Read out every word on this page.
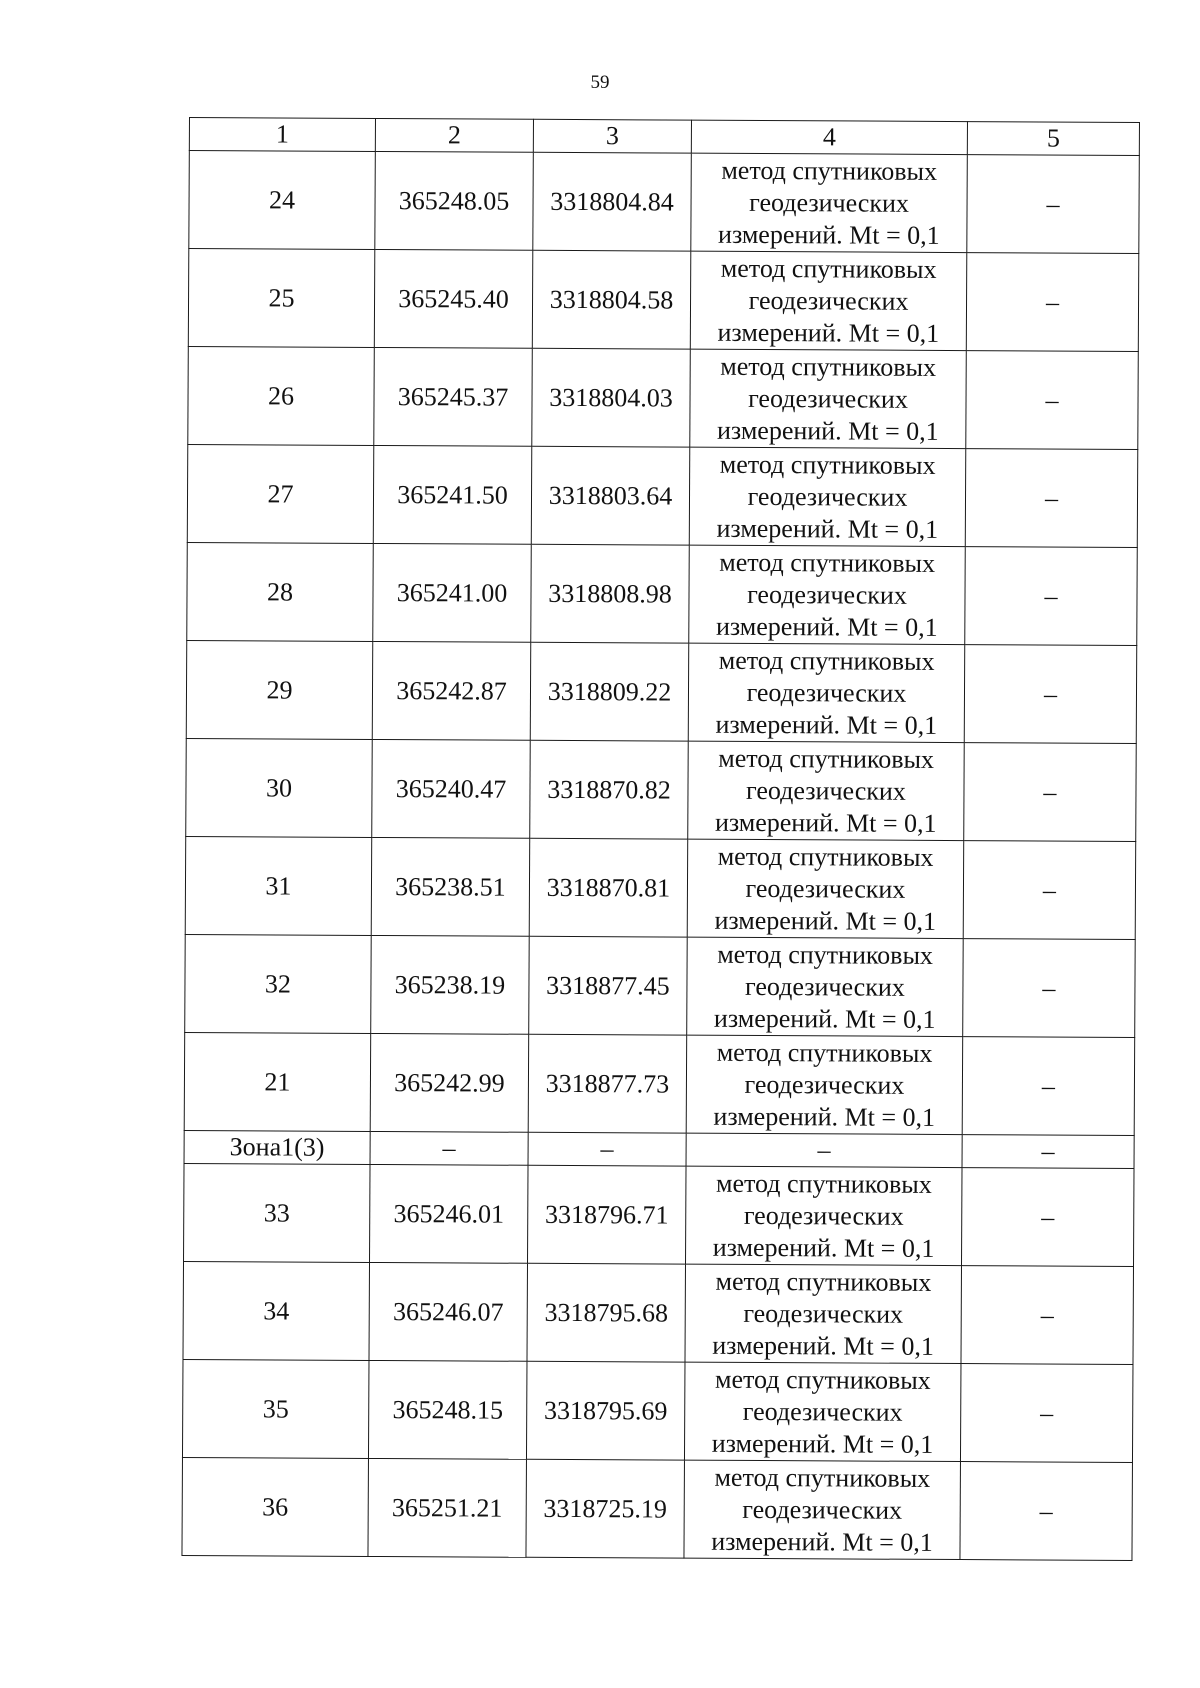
59
1	2	3	4	5
24	365248.05	3318804.84	метод спутниковых
геодезических
измерений. Mt = 0,1	–
25	365245.40	3318804.58	метод спутниковых
геодезических
измерений. Mt = 0,1	–
26	365245.37	3318804.03	метод спутниковых
геодезических
измерений. Mt = 0,1	–
27	365241.50	3318803.64	метод спутниковых
геодезических
измерений. Mt = 0,1	–
28	365241.00	3318808.98	метод спутниковых
геодезических
измерений. Mt = 0,1	–
29	365242.87	3318809.22	метод спутниковых
геодезических
измерений. Mt = 0,1	–
30	365240.47	3318870.82	метод спутниковых
геодезических
измерений. Mt = 0,1	–
31	365238.51	3318870.81	метод спутниковых
геодезических
измерений. Mt = 0,1	–
32	365238.19	3318877.45	метод спутниковых
геодезических
измерений. Mt = 0,1	–
21	365242.99	3318877.73	метод спутниковых
геодезических
измерений. Mt = 0,1	–
Зона1(3)	–	–	–	–
33	365246.01	3318796.71	метод спутниковых
геодезических
измерений. Mt = 0,1	–
34	365246.07	3318795.68	метод спутниковых
геодезических
измерений. Mt = 0,1	–
35	365248.15	3318795.69	метод спутниковых
геодезических
измерений. Mt = 0,1	–
36	365251.21	3318725.19	метод спутниковых
геодезических
измерений. Mt = 0,1	–
